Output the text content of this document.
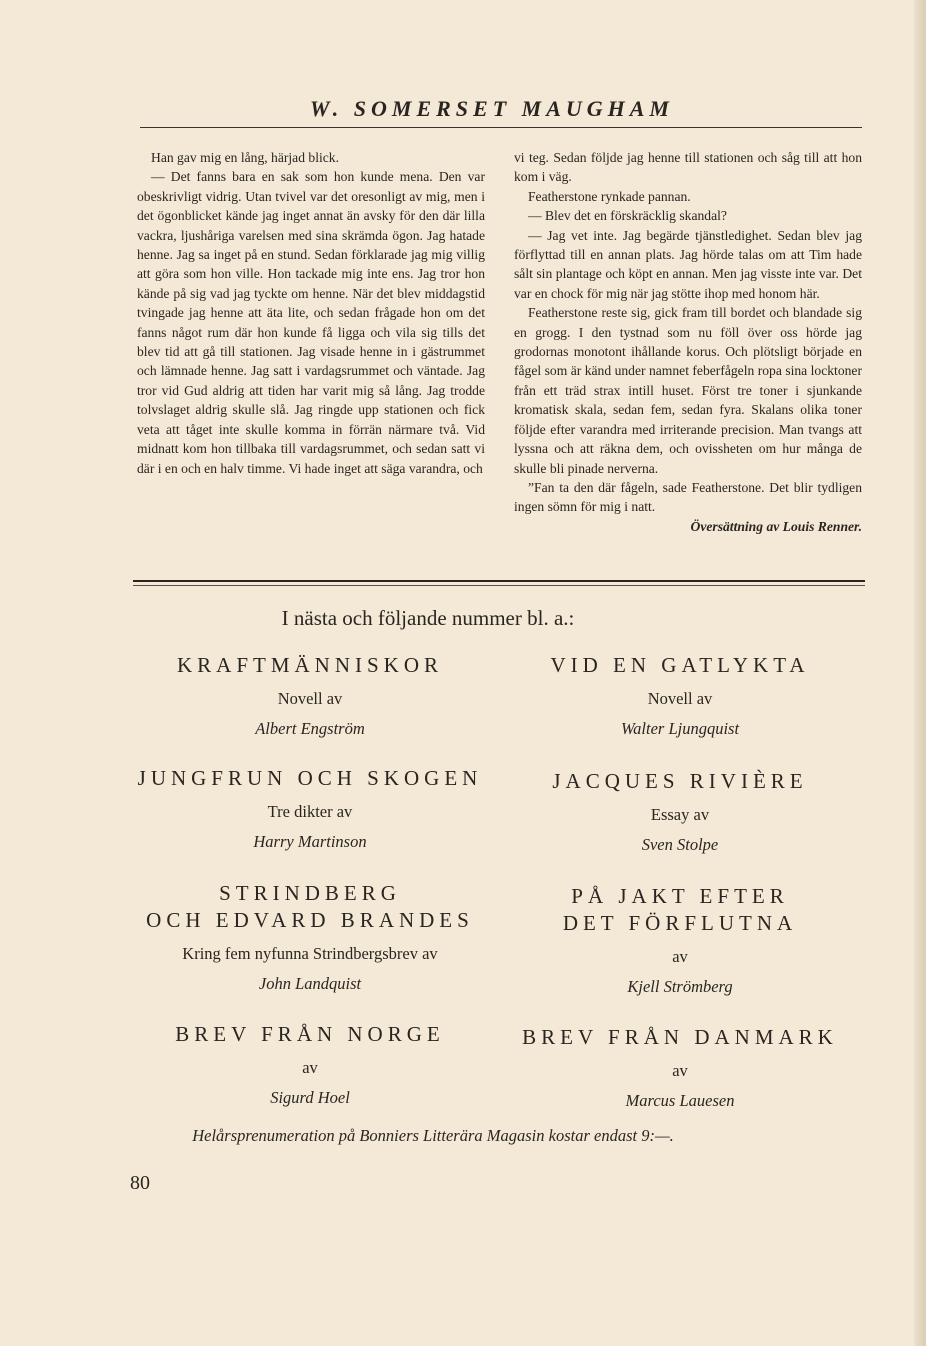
W. SOMERSET MAUGHAM

Han gav mig en lång, härjad blick.

— Det fanns bara en sak som hon kunde mena. Den var obeskrivligt vidrig. Utan tvivel var det oresonligt av mig, men i det ögonblicket kände jag inget annat än avsky för den där lilla vackra, ljushåriga varelsen med sina skrämda ögon. Jag hatade henne. Jag sa inget på en stund. Sedan förklarade jag mig villig att göra som hon ville. Hon tackade mig inte ens. Jag tror hon kände på sig vad jag tyckte om henne. När det blev middagstid tvingade jag henne att äta lite, och sedan frågade hon om det fanns något rum där hon kunde få ligga och vila sig tills det blev tid att gå till stationen. Jag visade henne in i gästrummet och lämnade henne. Jag satt i vardagsrummet och väntade. Jag tror vid Gud aldrig att tiden har varit mig så lång. Jag trodde tolvslaget aldrig skulle slå. Jag ringde upp stationen och fick veta att tåget inte skulle komma in förrän närmare två. Vid midnatt kom hon tillbaka till vardagsrummet, och sedan satt vi där i en och en halv timme. Vi hade inget att säga varandra, och

vi teg. Sedan följde jag henne till stationen och såg till att hon kom i väg.

Featherstone rynkade pannan.

— Blev det en förskräcklig skandal?

— Jag vet inte. Jag begärde tjänstledighet. Sedan blev jag förflyttad till en annan plats. Jag hörde talas om att Tim hade sålt sin plantage och köpt en annan. Men jag visste inte var. Det var en chock för mig när jag stötte ihop med honom här.

Featherstone reste sig, gick fram till bordet och blandade sig en grogg. I den tystnad som nu föll över oss hörde jag grodornas monotont ihållande korus. Och plötsligt började en fågel som är känd under namnet feberfågeln ropa sina locktoner från ett träd strax intill huset. Först tre toner i sjunkande kromatisk skala, sedan fem, sedan fyra. Skalans olika toner följde efter varandra med irriterande precision. Man tvangs att lyssna och att räkna dem, och ovissheten om hur många de skulle bli pinade nerverna.

”Fan ta den där fågeln, sade Featherstone. Det blir tydligen ingen sömn för mig i natt.

Översättning av Louis Renner.

I nästa och följande nummer bl. a.:

KRAFTMÄNNISKOR

Novell av

Albert Engström

VID EN GATLYKTA

Novell av

Walter Ljungquist

JUNGFRUN OCH SKOGEN

Tre dikter av

Harry Martinson

JACQUES RIVIÈRE

Essay av

Sven Stolpe

STRINDBERG

OCH EDVARD BRANDES

Kring fem nyfunna Strindbergsbrev av

John Landquist

PÅ JAKT EFTER

DET FÖRFLUTNA

av

Kjell Strömberg

BREV FRÅN NORGE

av

Sigurd Hoel

BREV FRÅN DANMARK

av

Marcus Lauesen

Helårsprenumeration på Bonniers Litterära Magasin kostar endast 9:—.
80
